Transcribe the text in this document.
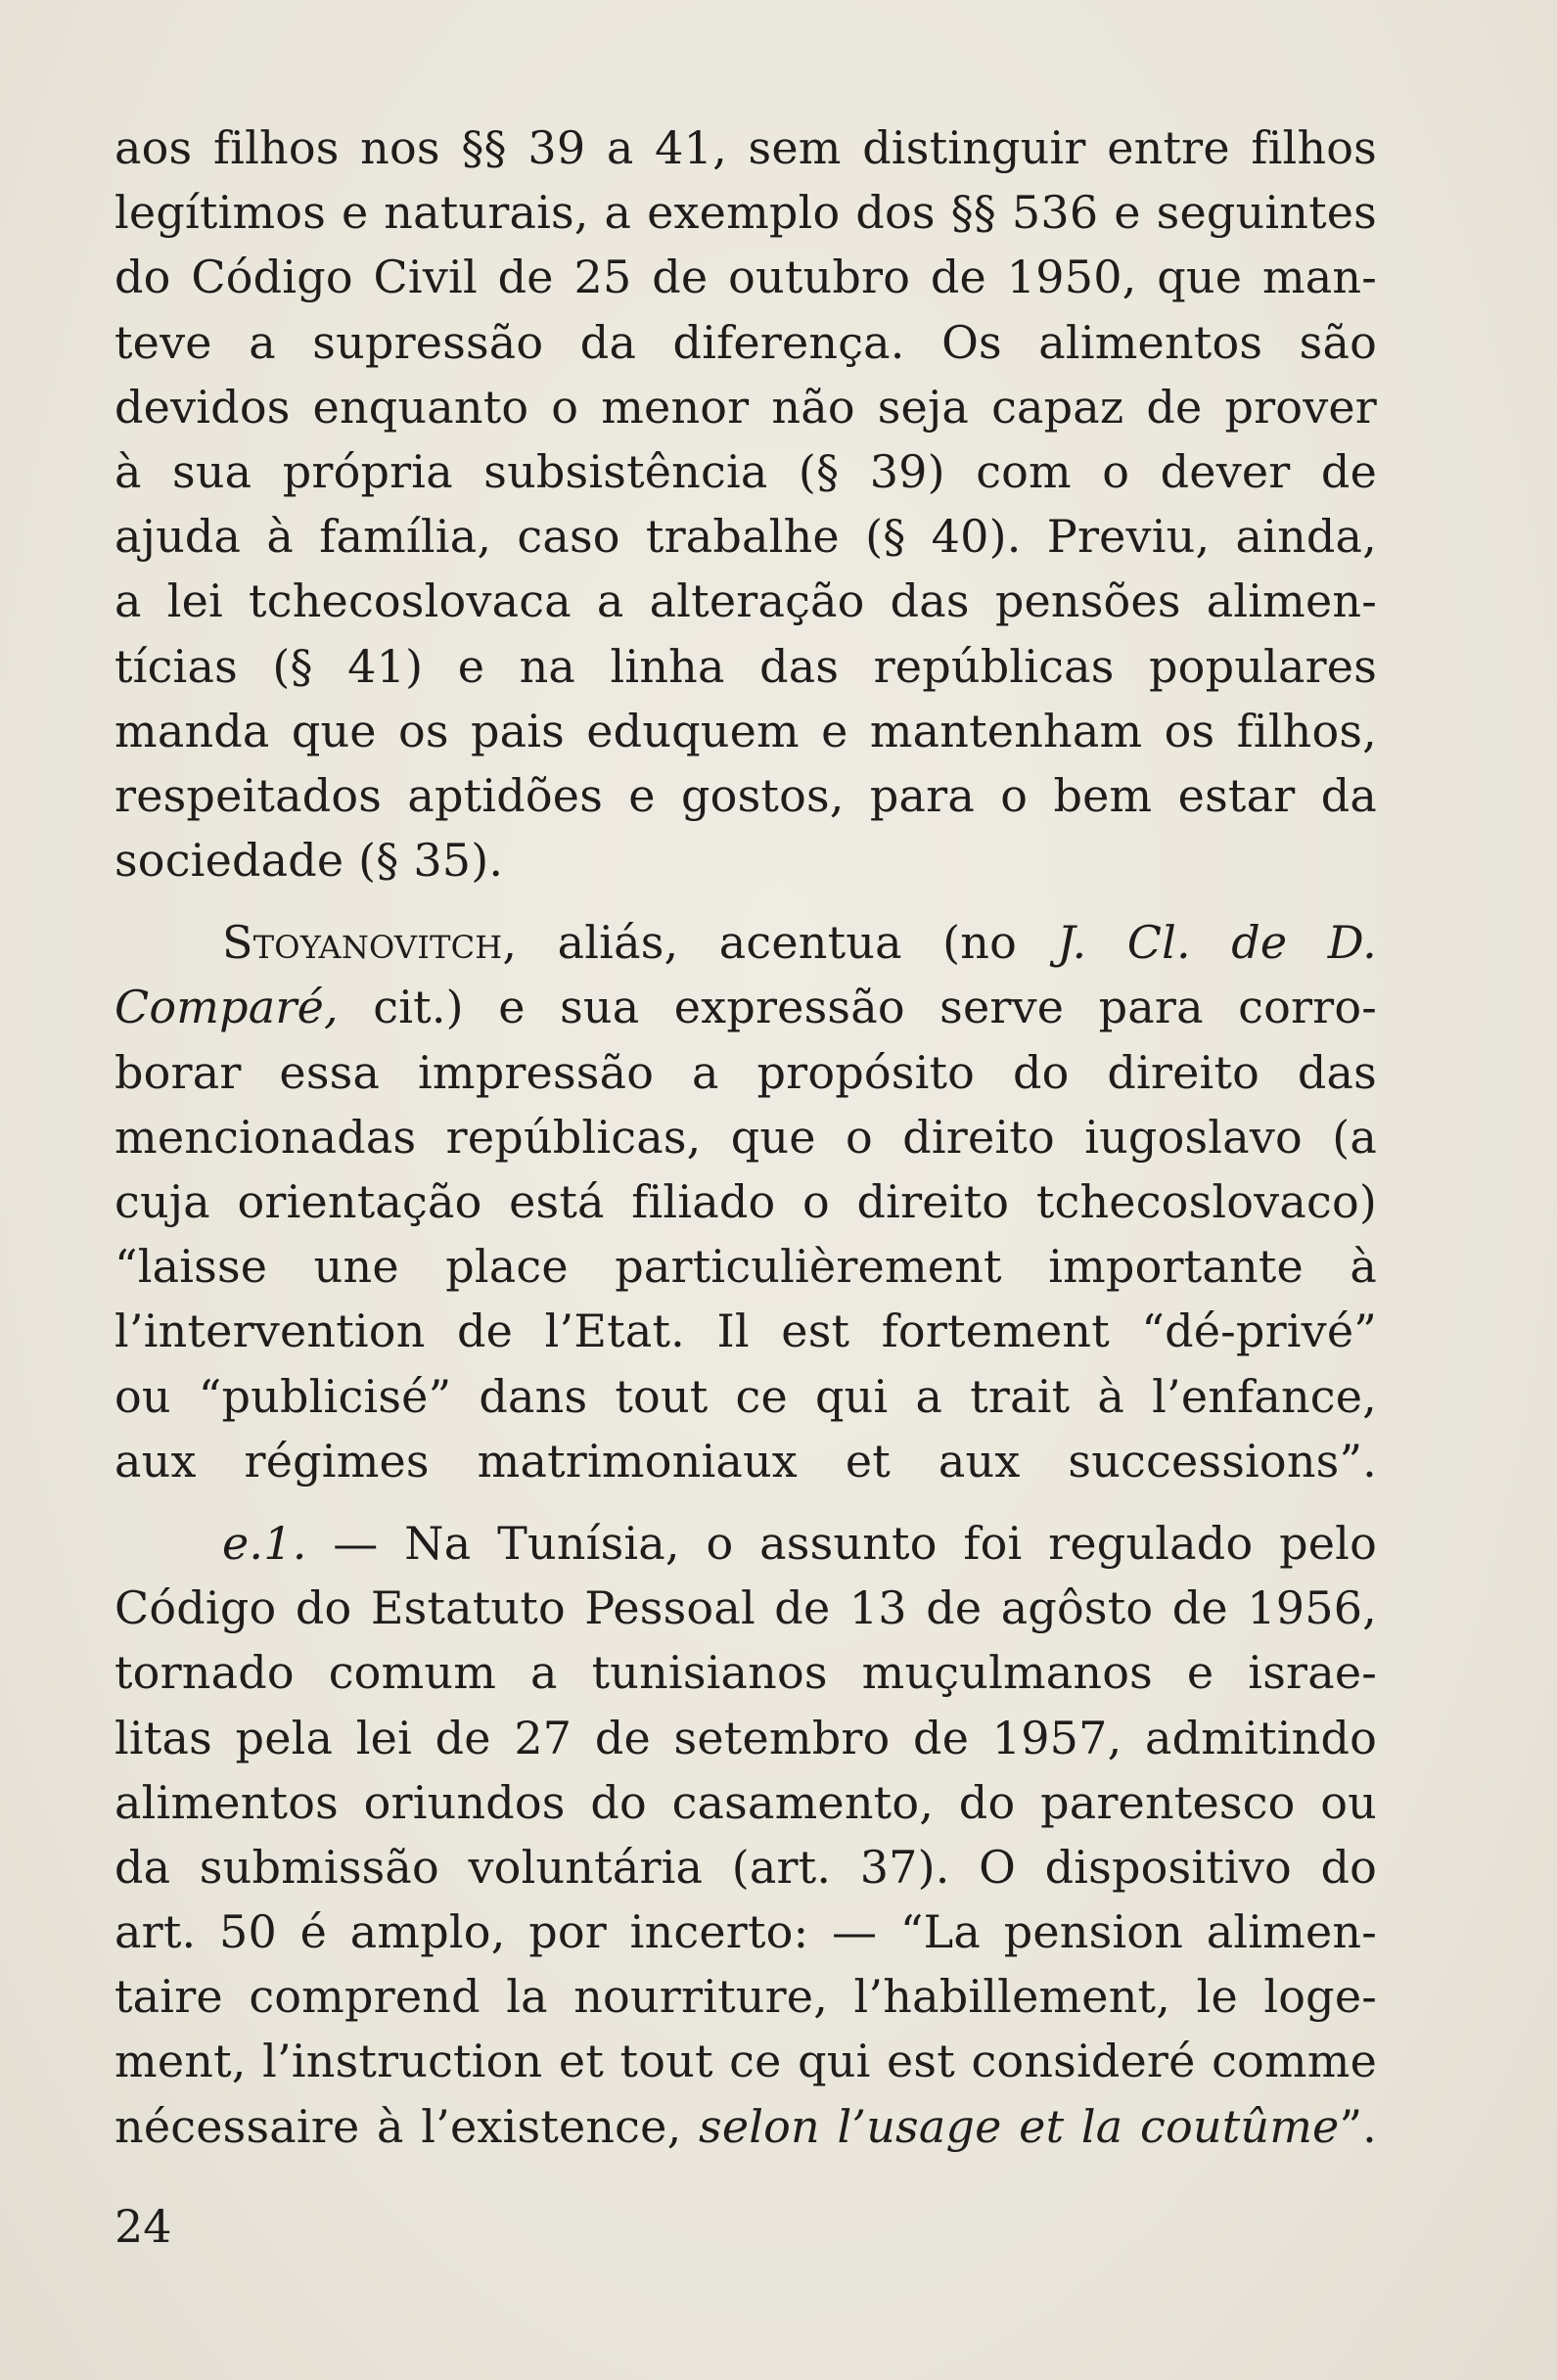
aos filhos nos §§ 39 a 41, sem distinguir entre filhos
legítimos e naturais, a exemplo dos §§ 536 e seguintes
do Código Civil de 25 de outubro de 1950, que man-
teve a supressão da diferença. Os alimentos são
devidos enquanto o menor não seja capaz de prover
à sua própria subsistência (§ 39) com o dever de
ajuda à família, caso trabalhe (§ 40). Previu, ainda,
a lei tchecoslovaca a alteração das pensões alimen-
tícias (§ 41) e na linha das repúblicas populares
manda que os pais eduquem e mantenham os filhos,
respeitados aptidões e gostos, para o bem estar da
sociedade (§ 35).
Stoyanovitch, aliás, acentua (no J. Cl. de D.
Comparé, cit.) e sua expressão serve para corro-
borar essa impressão a propósito do direito das
mencionadas repúblicas, que o direito iugoslavo (a
cuja orientação está filiado o direito tchecoslovaco)
“laisse une place particulièrement importante à
l’intervention de l’Etat. Il est fortement “dé-privé”
ou “publicisé” dans tout ce qui a trait à l’enfance,
aux régimes matrimoniaux et aux successions”.
e.1. — Na Tunísia, o assunto foi regulado pelo
Código do Estatuto Pessoal de 13 de agôsto de 1956,
tornado comum a tunisianos muçulmanos e israe-
litas pela lei de 27 de setembro de 1957, admitindo
alimentos oriundos do casamento, do parentesco ou
da submissão voluntária (art. 37). O dispositivo do
art. 50 é amplo, por incerto: — “La pension alimen-
taire comprend la nourriture, l’habillement, le loge-
ment, l’instruction et tout ce qui est consideré comme
nécessaire à l’existence, selon l’usage et la coutûme”.
24
